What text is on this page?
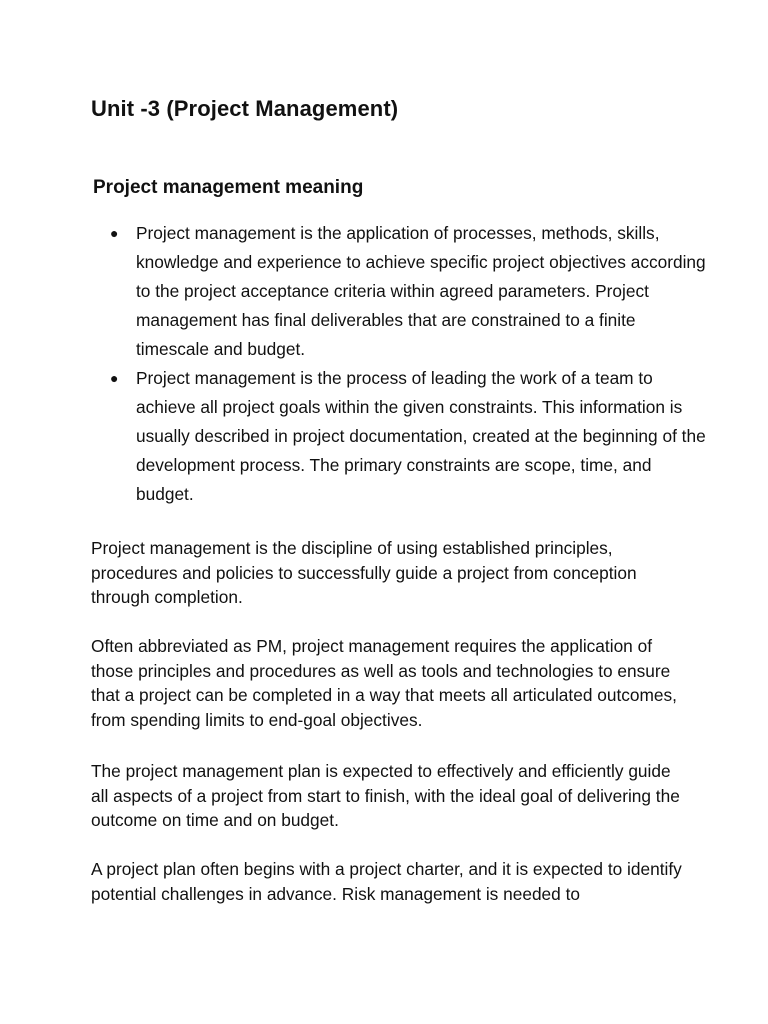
Unit -3 (Project Management)
Project management meaning
● Project management is the application of processes, methods, skills, knowledge and experience to achieve specific project objectives according to the project acceptance criteria within agreed parameters. Project management has final deliverables that are constrained to a finite timescale and budget.
● Project management is the process of leading the work of a team to achieve all project goals within the given constraints. This information is usually described in project documentation, created at the beginning of the development process. The primary constraints are scope, time, and budget.

Project management is the discipline of using established principles, procedures and policies to successfully guide a project from conception through completion.

Often abbreviated as PM, project management requires the application of those principles and procedures as well as tools and technologies to ensure that a project can be completed in a way that meets all articulated outcomes, from spending limits to end-goal objectives.

The project management plan is expected to effectively and efficiently guide all aspects of a project from start to finish, with the ideal goal of delivering the outcome on time and on budget.

A project plan often begins with a project charter, and it is expected to identify potential challenges in advance. Risk management is needed to
